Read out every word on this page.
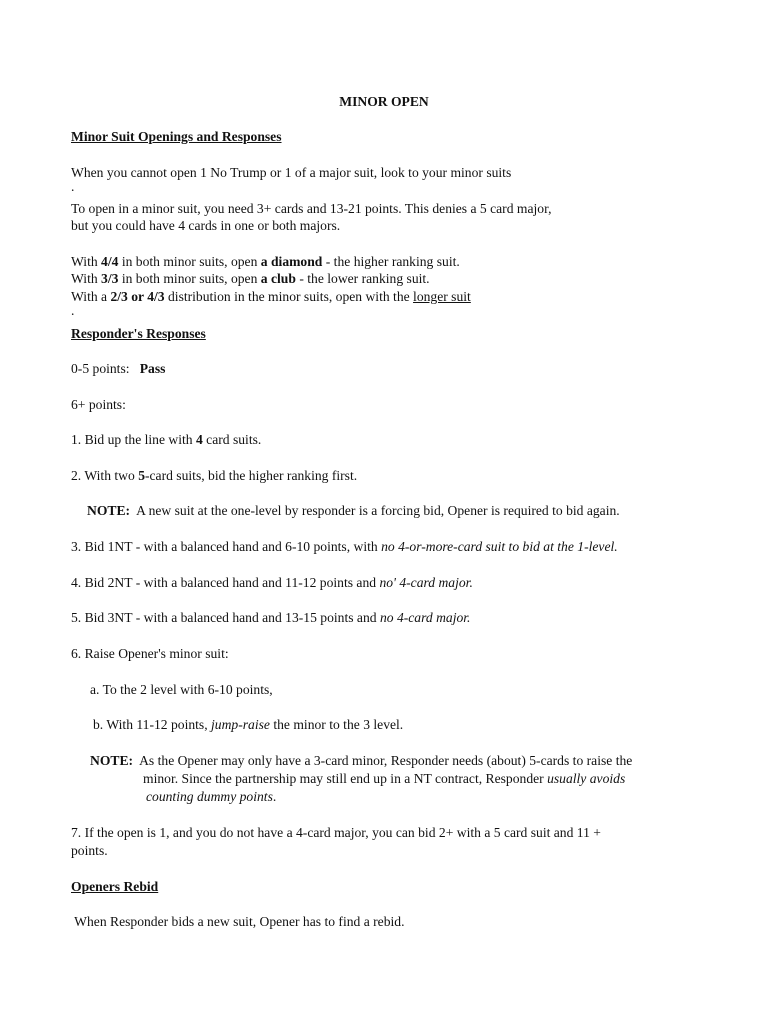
MINOR OPEN
Minor Suit Openings and Responses
When you cannot open 1 No Trump or 1 of a major suit, look to your minor suits
.
To open in a minor suit, you need 3+ cards and 13-21 points. This denies a 5 card major,
but you could have 4 cards in one or both majors.
With 4/4 in both minor suits, open a diamond - the higher ranking suit.
With 3/3 in both minor suits, open a club - the lower ranking suit.
With a 2/3 or 4/3 distribution in the minor suits, open with the longer suit
.
Responder's Responses
0-5 points:   Pass
6+ points:
1. Bid up the line with 4 card suits.
2. With two 5-card suits, bid the higher ranking first.
NOTE:  A new suit at the one-level by responder is a forcing bid, Opener is required to bid again.
3. Bid 1NT - with a balanced hand and 6-10 points, with no 4-or-more-card suit to bid at the 1-level.
4. Bid 2NT - with a balanced hand and 11-12 points and no' 4-card major.
5. Bid 3NT - with a balanced hand and 13-15 points and no 4-card major.
6. Raise Opener's minor suit:
a. To the 2 level with 6-10 points,
b. With 11-12 points, jump-raise the minor to the 3 level.
NOTE:  As the Opener may only have a 3-card minor, Responder needs (about) 5-cards to raise the
minor. Since the partnership may still end up in a NT contract, Responder usually avoids
counting dummy points.
7. If the open is 1, and you do not have a 4-card major, you can bid 2+ with a 5 card suit and 11 +
points.
Openers Rebid
When Responder bids a new suit, Opener has to find a rebid.
